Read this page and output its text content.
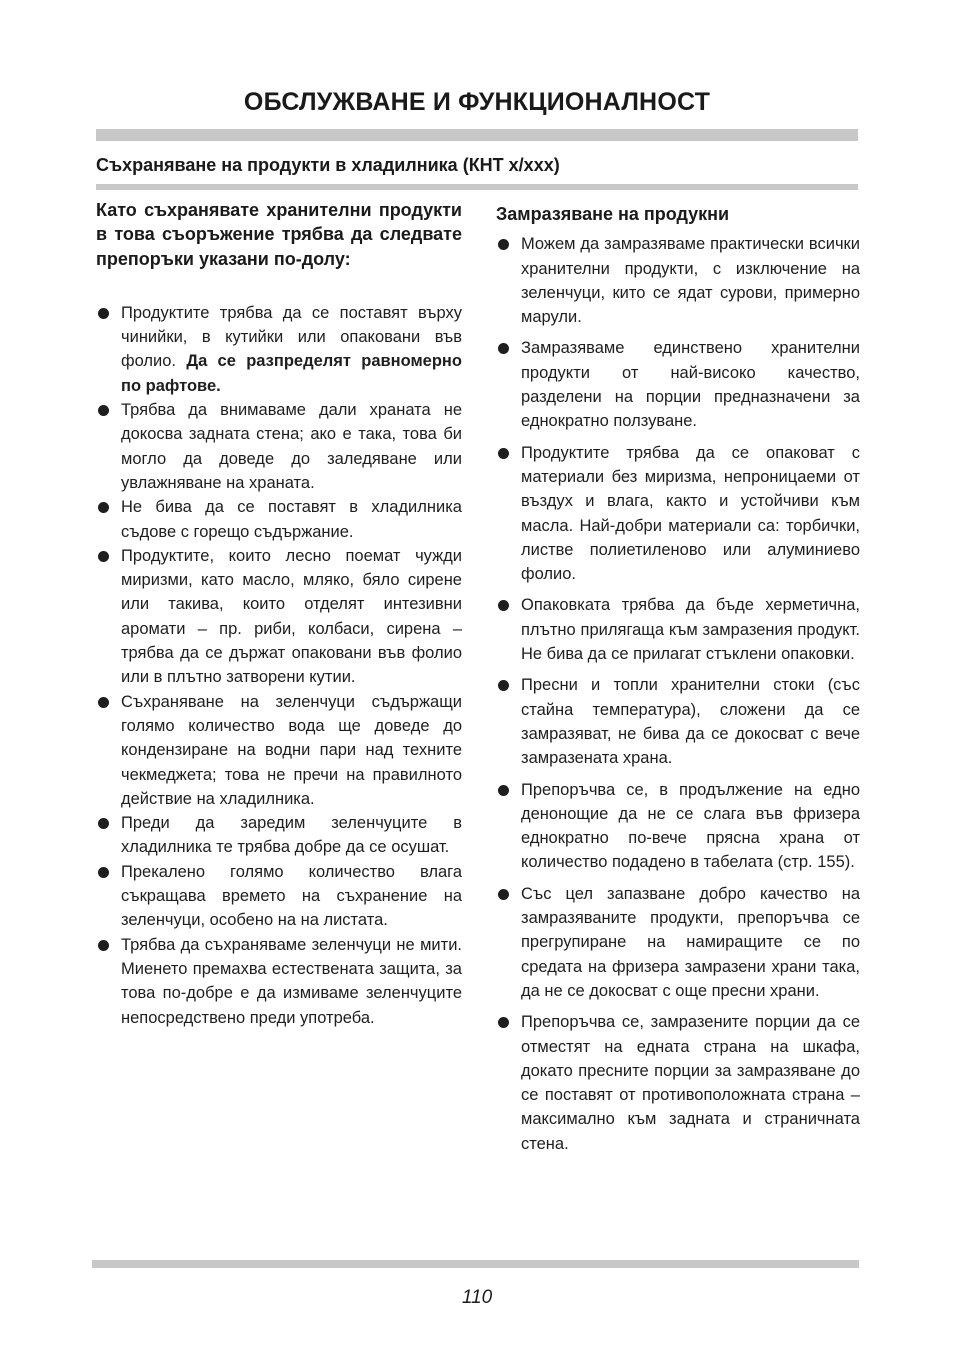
ОБСЛУЖВАНЕ И ФУНКЦИОНАЛНОСТ
Съхраняване на продукти в хладилника (КНТ х/ххх)
Като съхранявате хранителни продукти в това съоръжение трябва да следвате препоръки указани по-долу:
Продуктите трябва да се поставят върху чинийки, в кутийки или опаковани във фолио. Да се разпределят равномерно по рафтове.
Трябва да внимаваме дали храната не докосва задната стена; ако е така, това би могло да доведе до заледяване или увлажняване на храната.
Не бива да се поставят в хладилника съдове с горещо съдържание.
Продуктите, които лесно поемат чужди миризми, като масло, мляко, бяло сирене или такива, които отделят интезивни аромати – пр. риби, колбаси, сирена – трябва да се държат опаковани във фолио или в плътно затворени кутии.
Съхраняване на зеленчуци съдържащи голямо количество вода ще доведе до кондензиране на водни пари над техните чекмеджета; това не пречи на правилното действие на хладилника.
Преди да заредим зеленчуците в хладилника те трябва добре да се осушат.
Прекалено голямо количество влага съкращава времето на съхранение на зеленчуци, особено на на листата.
Трябва да съхраняваме зеленчуци не мити. Миенето премахва естествената защита, за това по-добре е да измиваме зеленчуците непосредствено преди употреба.
Замразяване на продукни
Можем да замразяваме практически всички хранителни продукти, с изключение на зеленчуци, кито се ядат сурови, примерно марули.
Замразяваме единствено хранителни продукти от най-високо качество, разделени на порции предназначени за еднократно ползуване.
Продуктите трябва да се опаковат с материали без миризма, непроницаеми от въздух и влага, както и устойчиви към масла. Най-добри материали са: торбички, листве полиетиленово или алуминиево фолио.
Опаковката трябва да бъде херметична, плътно прилягаща към замразения продукт. Не бива да се прилагат стъклени опаковки.
Пресни и топли хранителни стоки (със стайна температура), сложени да се замразяват, не бива да се докосват с вече замразената храна.
Препоръчва се, в продължение на едно денонощие да не се слага във фризера еднократно по-вече прясна храна от количество подадено в табелата (стр. 155).
Със цел запазване добро качество на замразяваните продукти, препоръчва се прегрупиране на намиращите се по средата на фризера замразени храни така, да не се докосват с още пресни храни.
Препоръчва се, замразените порции да се отместят на едната страна на шкафа, докато пресните порции за замразяване до се поставят от противоположната страна – максимално към задната и страничната стена.
110
